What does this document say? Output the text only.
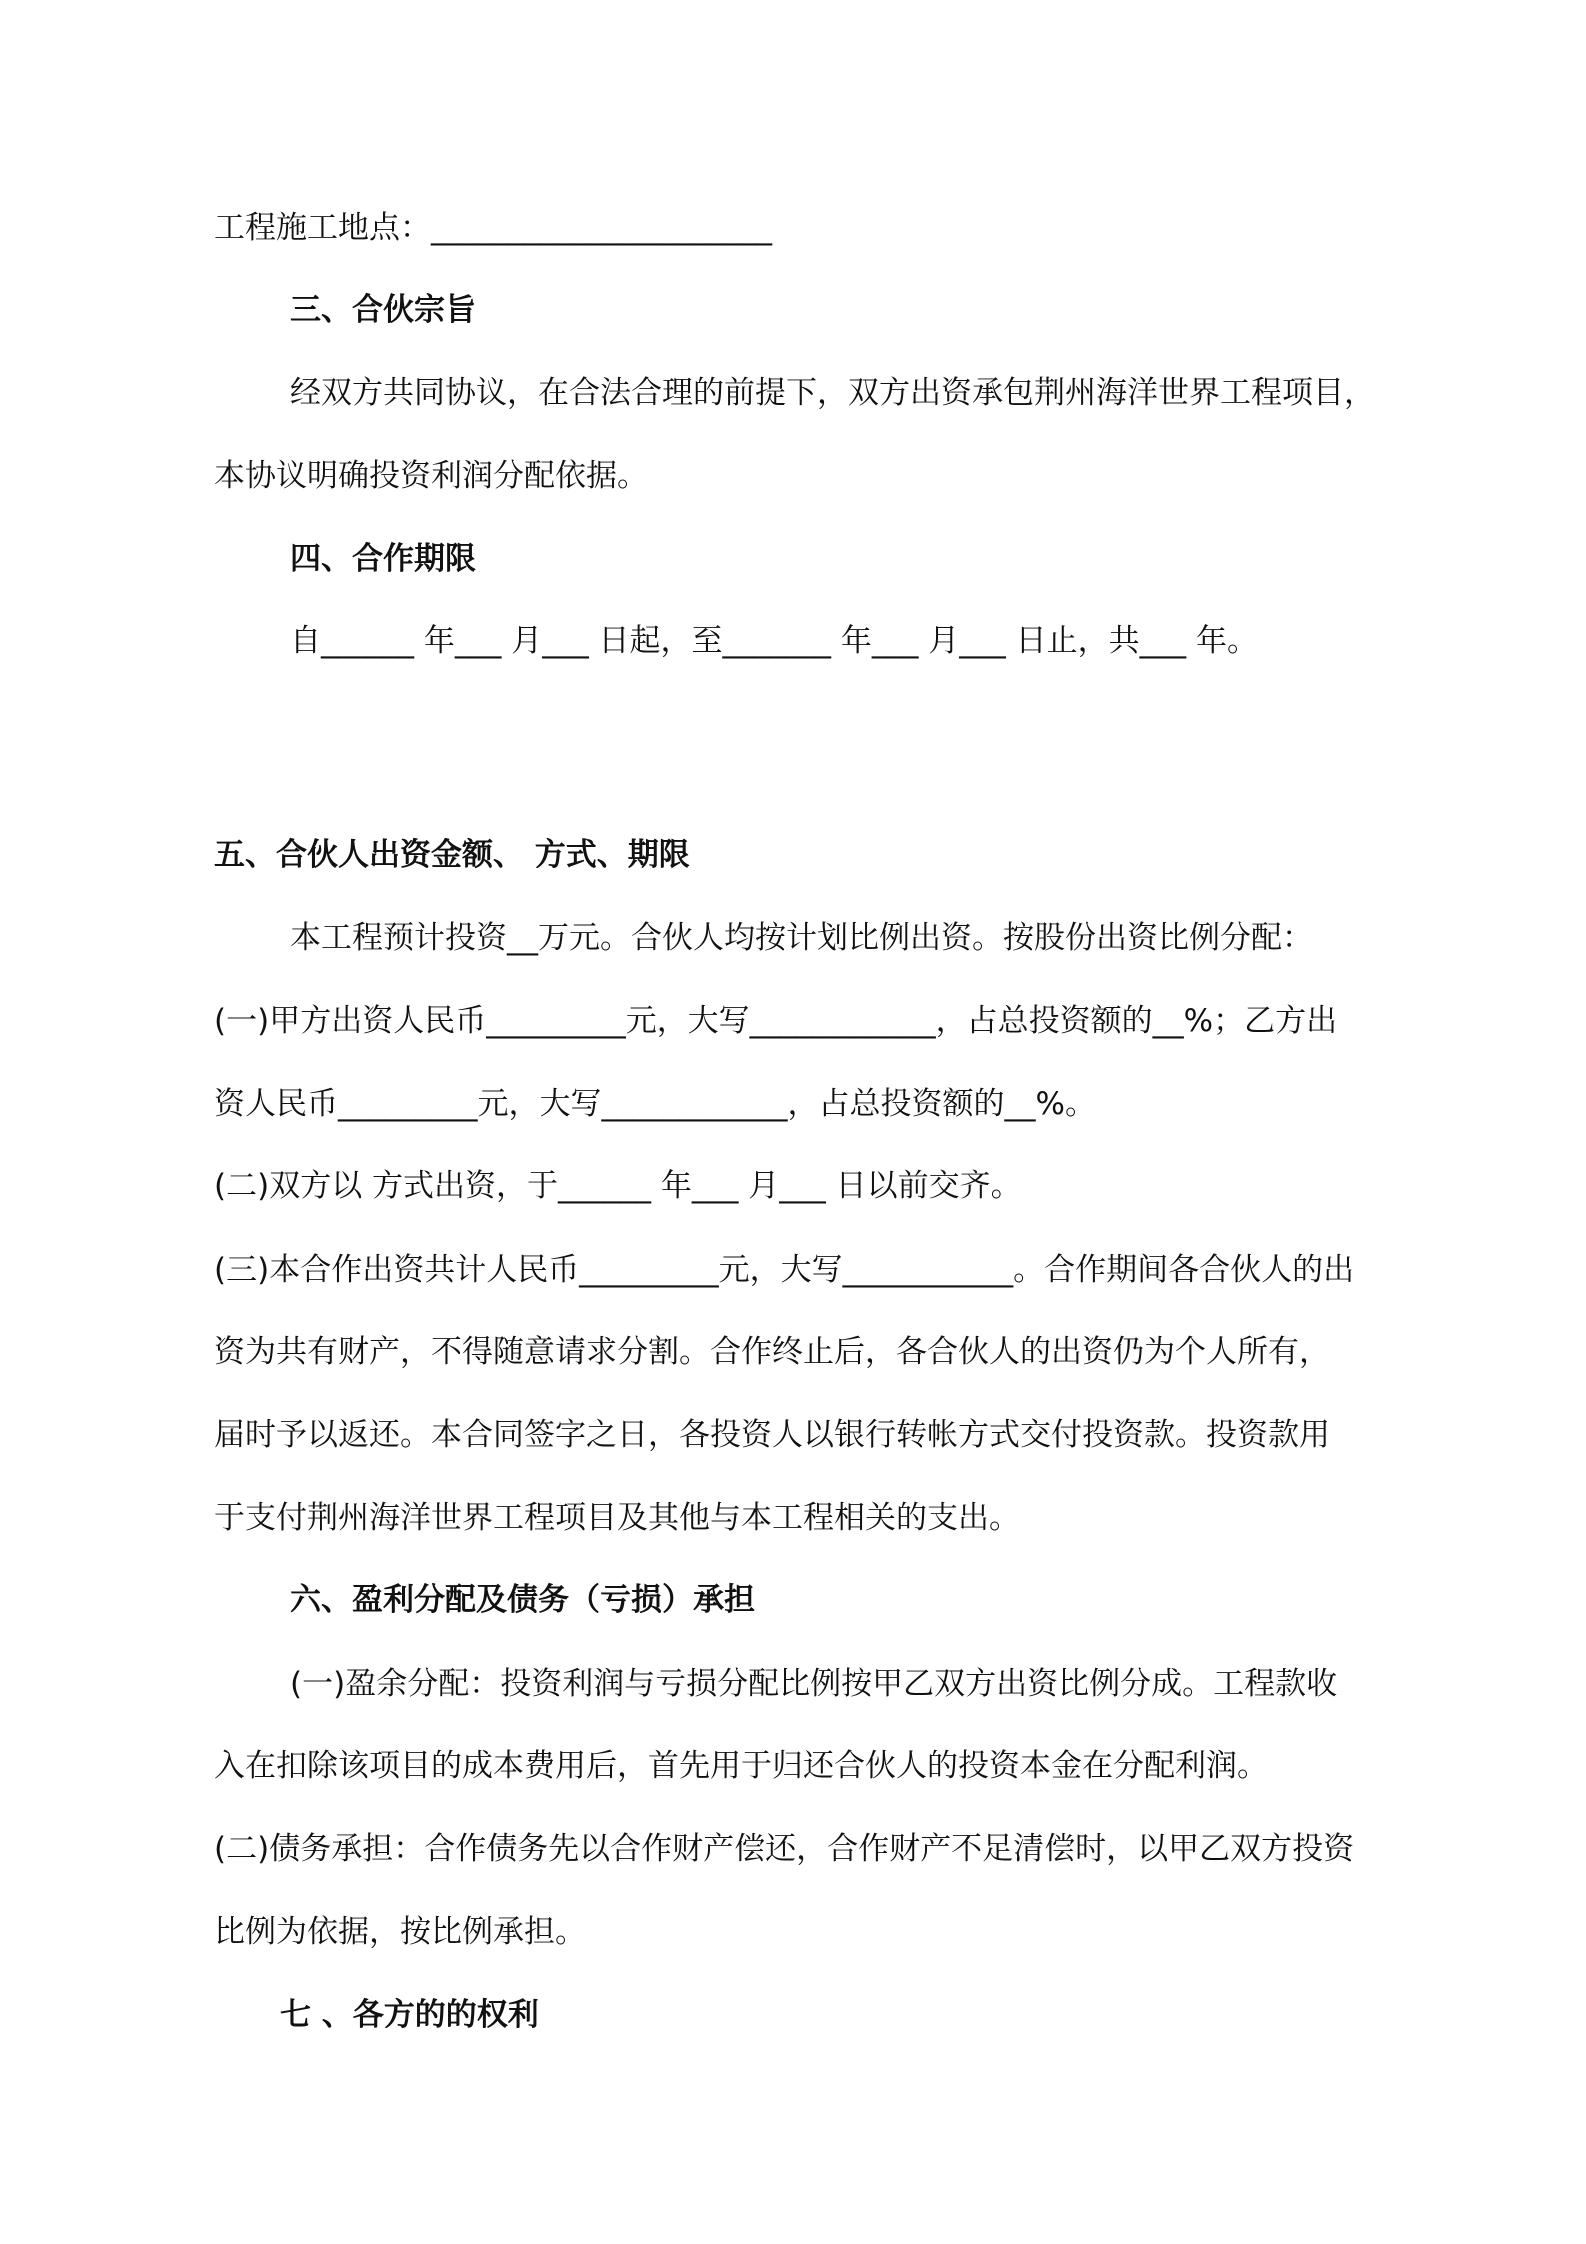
工程施工地点：______________________
三、合伙宗旨
经双方共同协议，在合法合理的前提下，双方出资承包荆州海洋世界工程项目，
本协议明确投资利润分配依据。
四、合作期限
自______ 年___ 月___ 日起，至_______ 年___ 月___ 日止，共___ 年。
五、合伙人出资金额、 方式、期限
本工程预计投资__万元。合伙人均按计划比例出资。按股份出资比例分配：
(一)甲方出资人民币_________元，大写____________，占总投资额的__%；乙方出
资人民币_________元，大写____________，占总投资额的__%。
(二)双方以 方式出资，于______ 年___ 月___ 日以前交齐。
(三)本合作出资共计人民币_________元，大写___________。合作期间各合伙人的出
资为共有财产，不得随意请求分割。合作终止后，各合伙人的出资仍为个人所有，
届时予以返还。本合同签字之日，各投资人以银行转帐方式交付投资款。投资款用
于支付荆州海洋世界工程项目及其他与本工程相关的支出。
六、盈利分配及债务（亏损）承担
(一)盈余分配：投资利润与亏损分配比例按甲乙双方出资比例分成。工程款收
入在扣除该项目的成本费用后，首先用于归还合伙人的投资本金在分配利润。
(二)债务承担：合作债务先以合作财产偿还，合作财产不足清偿时，以甲乙双方投资
比例为依据，按比例承担。
七 、各方的的权利
